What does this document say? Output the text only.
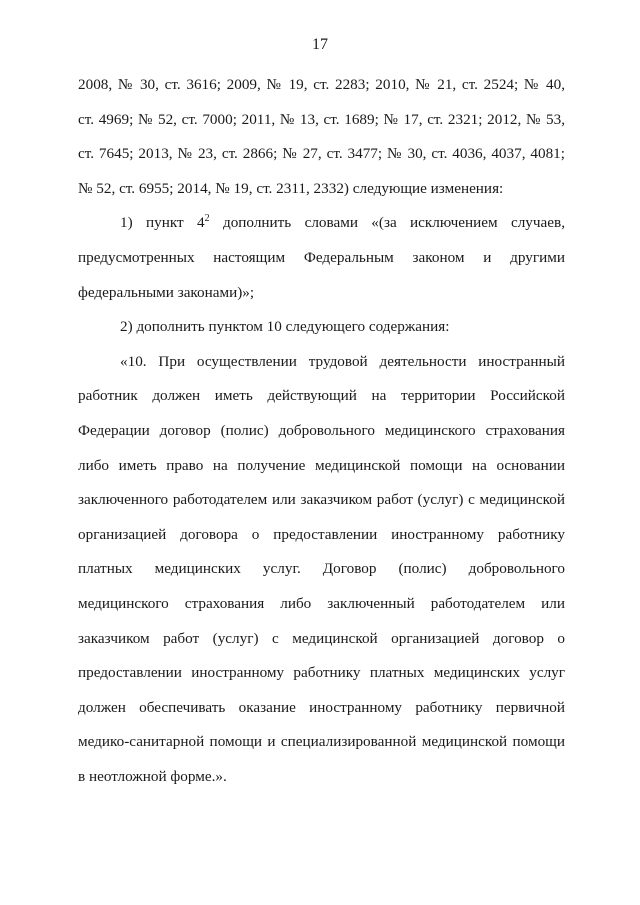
17
2008, № 30, ст. 3616; 2009, № 19, ст. 2283; 2010, № 21, ст. 2524; № 40,
ст. 4969; № 52, ст. 7000; 2011, № 13, ст. 1689; № 17, ст. 2321; 2012, № 53,
ст. 7645; 2013, № 23, ст. 2866; № 27, ст. 3477; № 30, ст. 4036, 4037, 4081;
№ 52, ст. 6955; 2014, № 19, ст. 2311, 2332) следующие изменения:
1) пункт $4^2$ дополнить словами «(за исключением случаев,
предусмотренных настоящим Федеральным законом и другими
федеральными законами)»;
2) дополнить пунктом 10 следующего содержания:
«10. При осуществлении трудовой деятельности иностранный
работник должен иметь действующий на территории Российской
Федерации договор (полис) добровольного медицинского страхования
либо иметь право на получение медицинской помощи на основании
заключенного работодателем или заказчиком работ (услуг) с медицинской
организацией договора о предоставлении иностранному работнику
платных медицинских услуг. Договор (полис) добровольного
медицинского страхования либо заключенный работодателем или
заказчиком работ (услуг) с медицинской организацией договор о
предоставлении иностранному работнику платных медицинских услуг
должен обеспечивать оказание иностранному работнику первичной
медико-санитарной помощи и специализированной медицинской помощи
в неотложной форме.».
